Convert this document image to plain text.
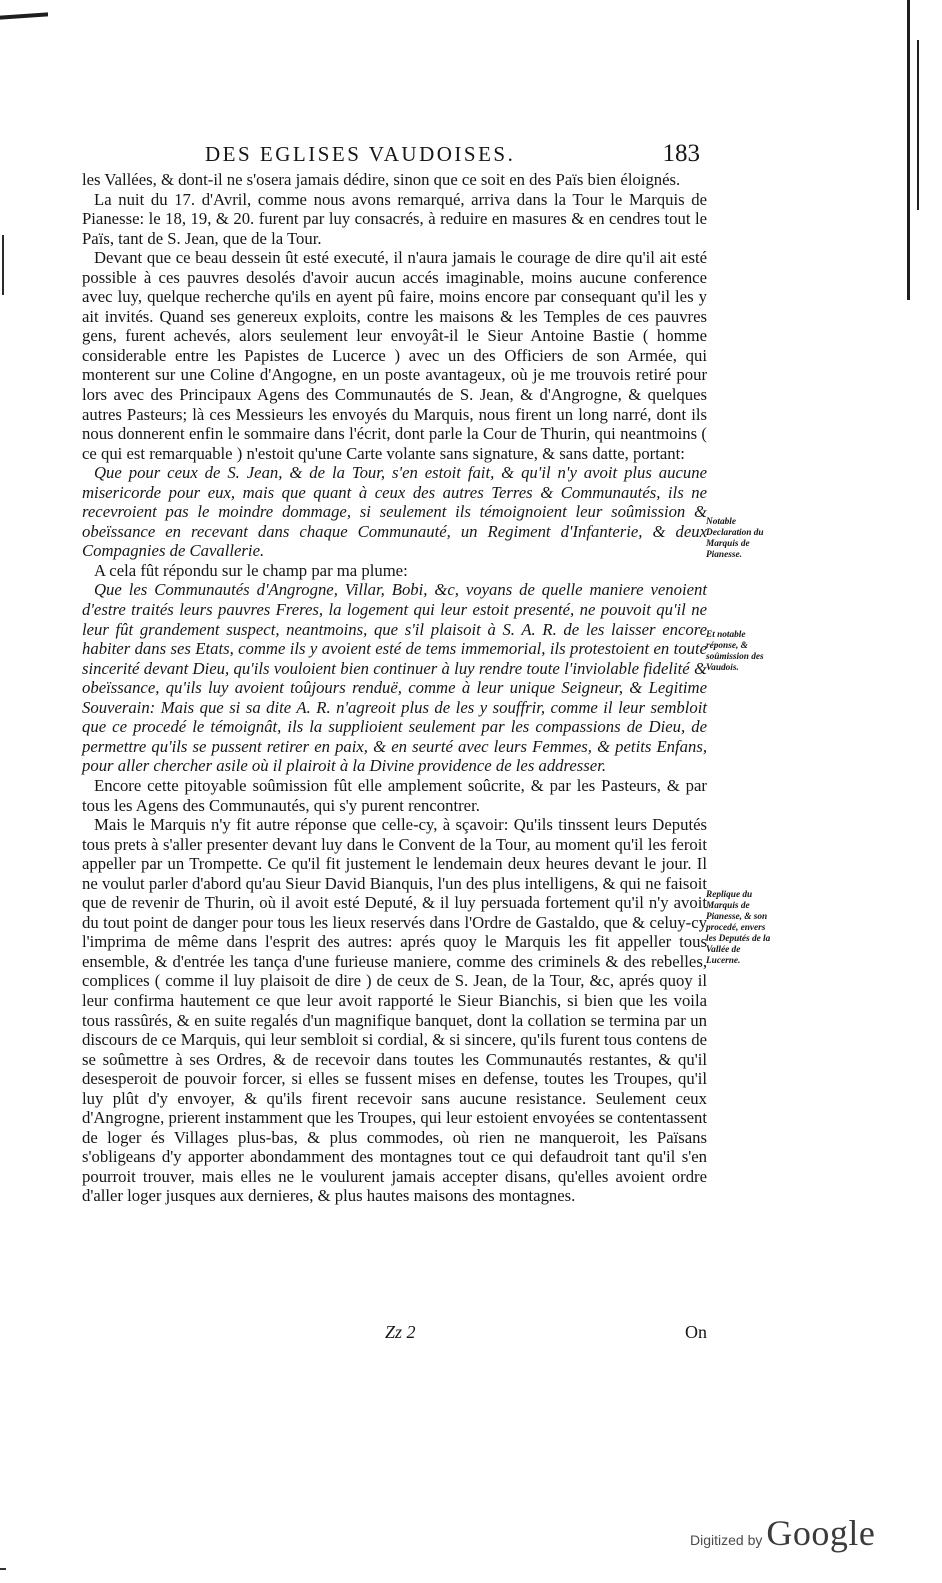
DES EGLISES VAUDOISES.	183

les Vallées, & dont-il ne s'osera jamais dédire, sinon que ce soit en des Païs bien éloignés.

La nuit du 17. d'Avril, comme nous avons remarqué, arriva dans la Tour le Marquis de Pianesse: le 18, 19, & 20. furent par luy consacrés, à reduire en masures & en cendres tout le Païs, tant de S. Jean, que de la Tour.

Devant que ce beau dessein ût esté executé, il n'aura jamais le courage de dire qu'il ait esté possible à ces pauvres desolés d'avoir aucun accés imaginable, moins aucune conference avec luy, quelque recherche qu'ils en ayent pû faire, moins encore par consequant qu'il les y ait invités. Quand ses genereux exploits, contre les maisons & les Temples de ces pauvres gens, furent achevés, alors seulement leur envoyât-il le Sieur Antoine Bastie ( homme considerable entre les Papistes de Lucerce ) avec un des Officiers de son Armée, qui monterent sur une Coline d'Angogne, en un poste avantageux, où je me trouvois retiré pour lors avec des Principaux Agens des Communautés de S. Jean, & d'Angrogne, & quelques autres Pasteurs; là ces Messieurs les envoyés du Marquis, nous firent un long narré, dont ils nous donnerent enfin le sommaire dans l'écrit, dont parle la Cour de Thurin, qui neantmoins ( ce qui est remarquable ) n'estoit qu'une Carte volante sans signature, & sans datte, portant:

Que pour ceux de S. Jean, & de la Tour, s'en estoit fait, & qu'il n'y avoit plus aucune misericorde pour eux, mais que quant à ceux des autres Terres & Communautés, ils ne recevroient pas le moindre dommage, si seulement ils témoignoient leur soûmission & obeïssance en recevant dans chaque Communauté, un Regiment d'Infanterie, & deux Compagnies de Cavallerie.

A cela fût répondu sur le champ par ma plume:

Que les Communautés d'Angrogne, Villar, Bobi, &c, voyans de quelle maniere venoient d'estre traités leurs pauvres Freres, la logement qui leur estoit presenté, ne pouvoit qu'il ne leur fût grandement suspect, neantmoins, que s'il plaisoit à S. A. R. de les laisser encore habiter dans ses Etats, comme ils y avoient esté de tems immemorial, ils protestoient en toute sincerité devant Dieu, qu'ils vouloient bien continuer à luy rendre toute l'inviolable fidelité & obeïssance, qu'ils luy avoient toûjours renduë, comme à leur unique Seigneur, & Legitime Souverain: Mais que si sa dite A. R. n'agreoit plus de les y souffrir, comme il leur sembloit que ce procedé le témoignât, ils la supplioient seulement par les compassions de Dieu, de permettre qu'ils se pussent retirer en paix, & en seurté avec leurs Femmes, & petits Enfans, pour aller chercher asile où il plairoit à la Divine providence de les addresser.

Encore cette pitoyable soûmission fût elle amplement soûcrite, & par les Pasteurs, & par tous les Agens des Communautés, qui s'y purent rencontrer.

Mais le Marquis n'y fit autre réponse que celle-cy, à sçavoir: Qu'ils tinssent leurs Deputés tous prets à s'aller presenter devant luy dans le Convent de la Tour, au moment qu'il les feroit appeller par un Trompette. Ce qu'il fit justement le lendemain deux heures devant le jour. Il ne voulut parler d'abord qu'au Sieur David Bianquis, l'un des plus intelligens, & qui ne faisoit que de revenir de Thurin, où il avoit esté Deputé, & il luy persuada fortement qu'il n'y avoit du tout point de danger pour tous les lieux reservés dans l'Ordre de Gastaldo, que & celuy-cy l'imprima de même dans l'esprit des autres: aprés quoy le Marquis les fit appeller tous ensemble, & d'entrée les tança d'une furieuse maniere, comme des criminels & des rebelles, complices ( comme il luy plaisoit de dire ) de ceux de S. Jean, de la Tour, &c, aprés quoy il leur confirma hautement ce que leur avoit rapporté le Sieur Bianchis, si bien que les voila tous rassûrés, & en suite regalés d'un magnifique banquet, dont la collation se termina par un discours de ce Marquis, qui leur sembloit si cordial, & si sincere, qu'ils furent tous contens de se soûmettre à ses Ordres, & de recevoir dans toutes les Communautés restantes, & qu'il desesperoit de pouvoir forcer, si elles se fussent mises en defense, toutes les Troupes, qu'il luy plût d'y envoyer, & qu'ils firent recevoir sans aucune resistance. Seulement ceux d'Angrogne, prierent instamment que les Troupes, qui leur estoient envoyées se contentassent de loger és Villages plus-bas, & plus commodes, où rien ne manqueroit, les Païsans s'obligeans d'y apporter abondamment des montagnes tout ce qui defaudroit tant qu'il s'en pourroit trouver, mais elles ne le voulurent jamais accepter disans, qu'elles avoient ordre d'aller loger jusques aux dernieres, & plus hautes maisons des montagnes.

Notable Declaration du Marquis de Pianesse.
Et notable réponse, & soûmission des Vaudois.
Replique du Marquis de Pianesse, & son procedé, envers les Deputés de la Vallée de Lucerne.
Zz 2	On
Digitized by Google
